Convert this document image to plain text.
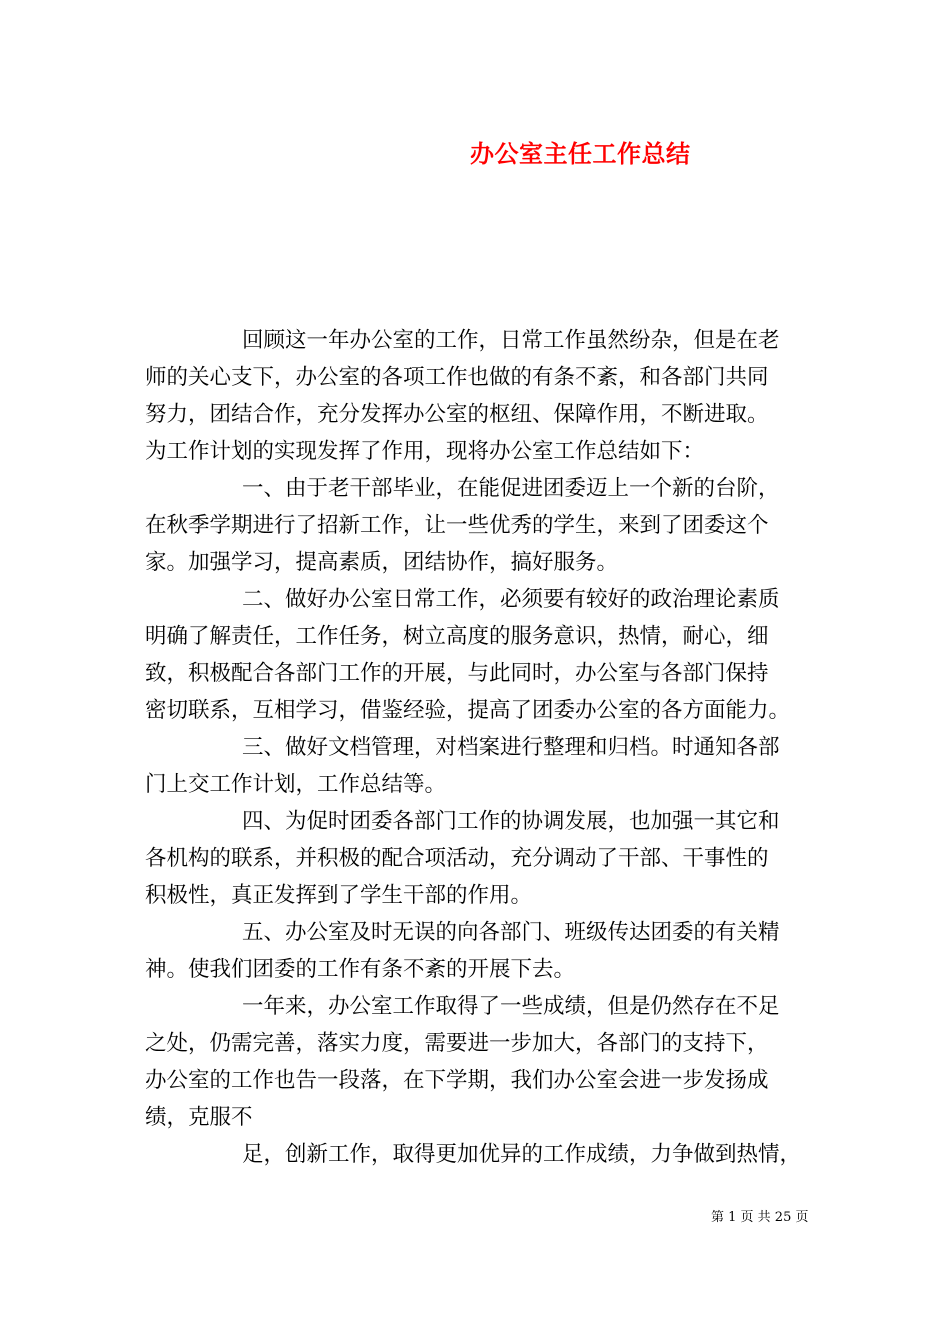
办公室主任工作总结
回顾这一年办公室的工作，日常工作虽然纷杂，但是在老
师的关心支下，办公室的各项工作也做的有条不紊，和各部门共同
努力，团结合作，充分发挥办公室的枢纽、保障作用，不断进取。
为工作计划的实现发挥了作用，现将办公室工作总结如下：
一、由于老干部毕业，在能促进团委迈上一个新的台阶，
在秋季学期进行了招新工作，让一些优秀的学生，来到了团委这个
家。加强学习，提高素质，团结协作，搞好服务。
二、做好办公室日常工作，必须要有较好的政治理论素质
明确了解责任，工作任务，树立高度的服务意识，热情，耐心，细
致，积极配合各部门工作的开展，与此同时，办公室与各部门保持
密切联系，互相学习，借鉴经验，提高了团委办公室的各方面能力。
三、做好文档管理，对档案进行整理和归档。时通知各部
门上交工作计划，工作总结等。
四、为促时团委各部门工作的协调发展，也加强一其它和
各机构的联系，并积极的配合项活动，充分调动了干部、干事性的
积极性，真正发挥到了学生干部的作用。
五、办公室及时无误的向各部门、班级传达团委的有关精
神。使我们团委的工作有条不紊的开展下去。
一年来，办公室工作取得了一些成绩，但是仍然存在不足
之处，仍需完善，落实力度，需要进一步加大，各部门的支持下，
办公室的工作也告一段落，在下学期，我们办公室会进一步发扬成
绩，克服不
足，创新工作，取得更加优异的工作成绩，力争做到热情，
第 1 页 共 25 页
